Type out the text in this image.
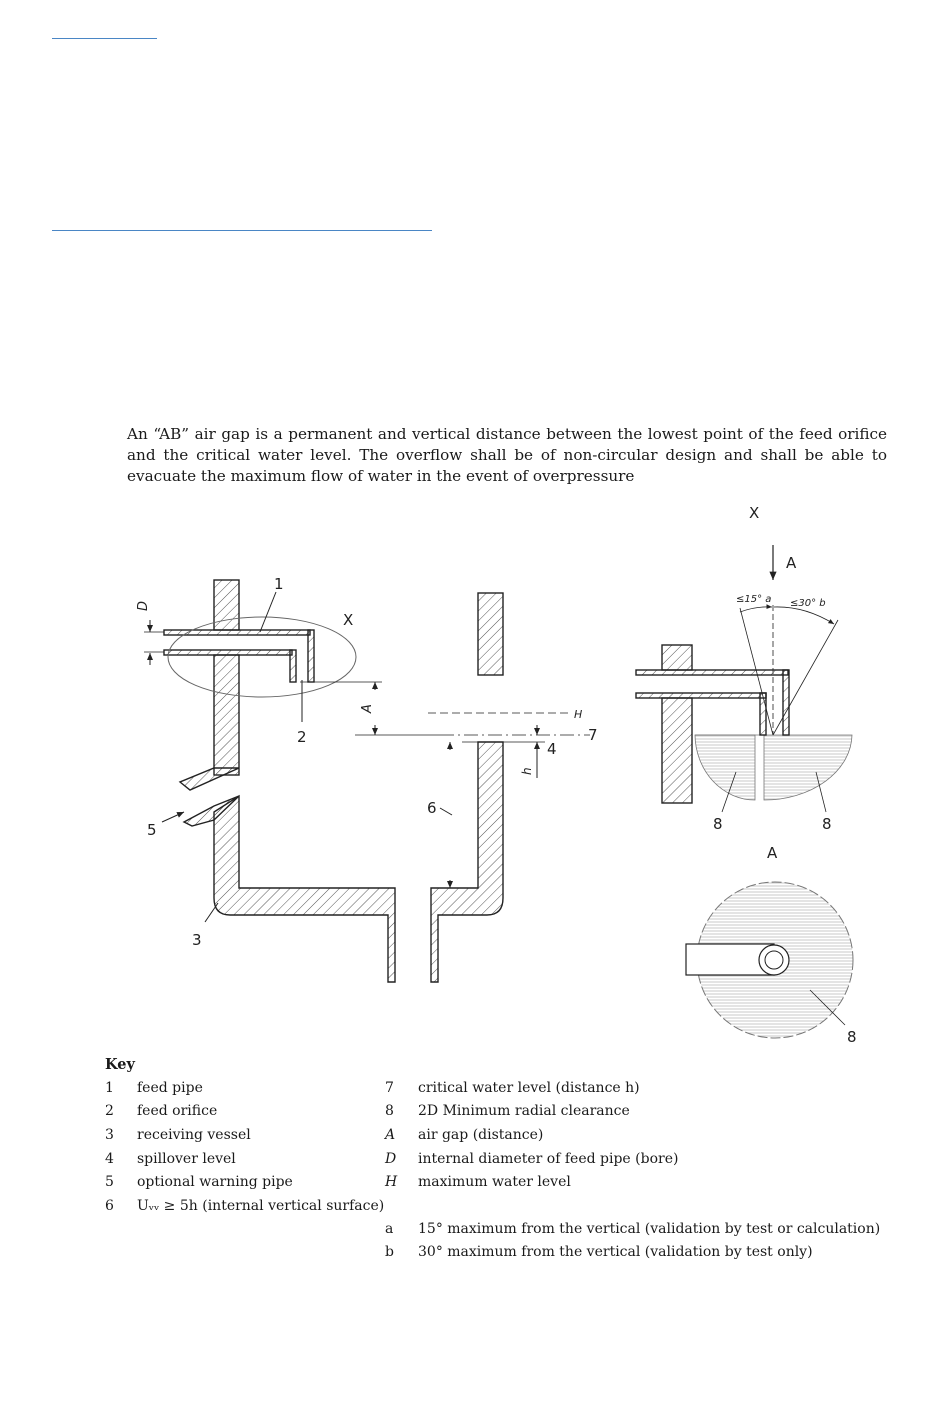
An “AB” air gap is a permanent and vertical distance between the lowest point of the feed orifice and the critical water level. The overflow shall be of non-circular design and shall be able to evacuate the maximum flow of water in the event of overpressure

1
2
3
4
5
6
7
X
D
A	H
h
X
A
≤15° a ≤30° b
8	8
A
8
Key
1 feed pipe
2 feed orifice
3 receiving vessel
4 spillover level
5 optional warning pipe
6 Uᵥᵥ ≥ 5h (internal vertical surface)
7 critical water level (distance h)
8 2D Minimum radial clearance
A air gap (distance)
D internal diameter of feed pipe (bore)
H maximum water level
a 15° maximum from the vertical (validation by test or calculation)
b 30° maximum from the vertical (validation by test only)
